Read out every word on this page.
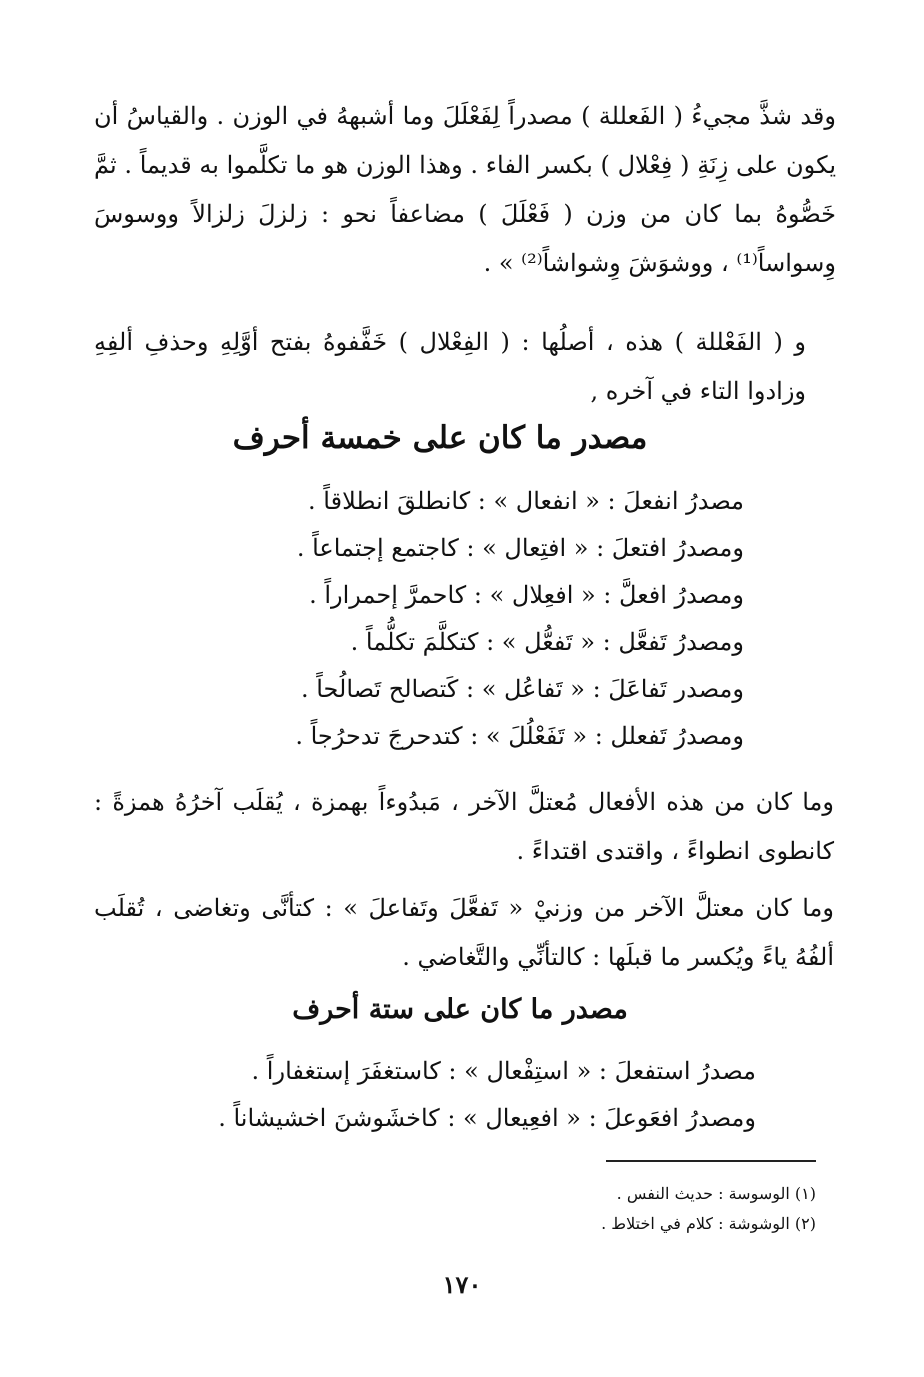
وقد شذَّ مجيءُ ( الفَعللة ) مصدراً لِفَعْلَلَ وما أشبههُ في الوزن . والقياسُ أن يكون على زِنَةِ ( فِعْلال ) بكسر الفاء . وهذا الوزن هو ما تكلَّموا به قديماً . ثمَّ خَصُّوهُ بما كان من وزن ( فَعْلَلَ ) مضاعفاً نحو : زلزلَ زلزالاً ووسوسَ وِسواساً⁽¹⁾ ، ووشوَشَ وِشواشاً⁽²⁾ » .
و ( الفَعْللة ) هذه ، أصلُها : ( الفِعْلال ) خَفَّفوهُ بفتح أوَّلِهِ وحذفِ ألفِهِ وزادوا التاء في آخره ,
مصدر ما كان على خمسة أحرف
مصدرُ انفعلَ : « انفعال » : كانطلقَ انطلاقاً .
ومصدرُ افتعلَ : « افتِعال » : كاجتمع إجتماعاً .
ومصدرُ افعلَّ : « افعِلال » : كاحمرَّ إحمراراً .
ومصدرُ تَفعَّل : « تَفعُّل » : كتكلَّمَ تكلُّماً .
ومصدر تَفاعَلَ : « تَفاعُل » : كَتصالح تَصالُحاً .
ومصدرُ تَفعلل : « تَفَعْلُلَ » : كتدحرجَ تدحرُجاً .
وما كان من هذه الأفعال مُعتلَّ الآخر ، مَبدُوءاً بهمزة ، يُقلَب آخرُهُ همزةً : كانطوى انطواءً ، واقتدى اقتداءً .
وما كان معتلَّ الآخر من وزنيْ « تَفعَّلَ وتَفاعلَ » : كتأنَّى وتغاضى ، تُقلَب ألفُهُ ياءً ويُكسر ما قبلَها : كالتأنِّي والتَّغاضي .
مصدر ما كان على ستة أحرف
مصدرُ استفعلَ : « استِفْعال » : كاستغفَرَ إستغفاراً .
ومصدرُ افعَوعلَ : « افعِيعال » : كاخشَوشنَ اخشيشاناً .
(١) الوسوسة : حديث النفس .
(٢) الوشوشة : كلام في اختلاط .
١٧٠
